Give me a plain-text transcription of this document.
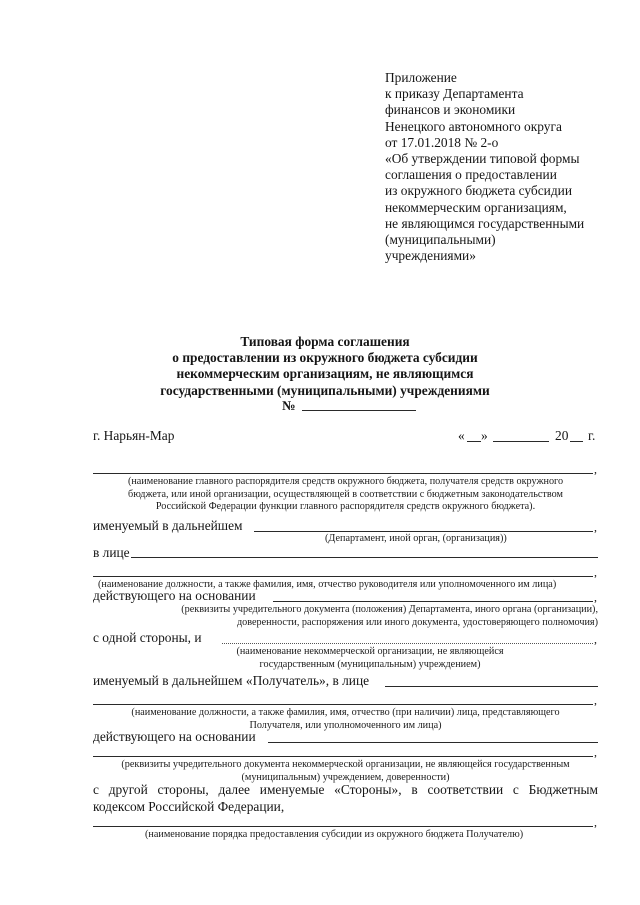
Приложение
к приказу Департамента
финансов и экономики
Ненецкого автономного округа
от 17.01.2018 № 2-о
«Об утверждении типовой формы
соглашения о предоставлении
из окружного бюджета субсидии
некоммерческим организациям,
не являющимся государственными
(муниципальными)
учреждениями»
Типовая форма соглашения
о предоставлении из окружного бюджета субсидии
некоммерческим организациям, не являющимся
государственными (муниципальными) учреждениями
№
г. Нарьян-Мар	« »	20 г.
,
(наименование главного распорядителя средств окружного бюджета, получателя средств окружного
бюджета, или иной организации, осуществляющей в соответствии с бюджетным законодательством
Российской Федерации функции главного распорядителя средств окружного бюджета).
именуемый в дальнейшем	,
(Департамент, иной орган, (организация))
в лице
,
(наименование должности, а также фамилия, имя, отчество руководителя или уполномоченного им лица)
действующего на основании	,
(реквизиты учредительного документа (положения) Департамента, иного органа (организации),
доверенности, распоряжения или иного документа, удостоверяющего полномочия)
с одной стороны, и	,
(наименование некоммерческой организации, не являющейся
государственным (муниципальным) учреждением)
именуемый в дальнейшем «Получатель», в лице
,
(наименование должности, а также фамилия, имя, отчество (при наличии) лица, представляющего
Получателя, или уполномоченного им лица)
действующего на основании
,
(реквизиты учредительного документа некоммерческой организации, не являющейся государственным
(муниципальным) учреждением, доверенности)
с другой стороны, далее именуемые «Стороны», в соответствии с Бюджетным
кодексом Российской Федерации,
,
(наименование порядка предоставления субсидии из окружного бюджета Получателю)
